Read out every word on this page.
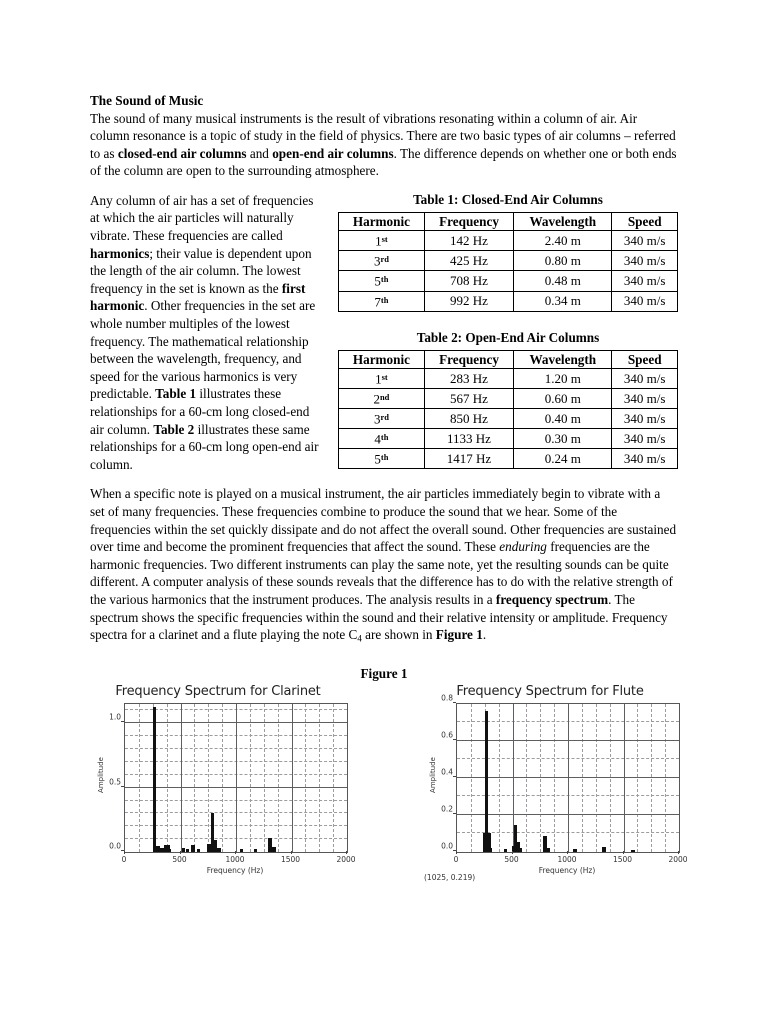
The Sound of Music

The sound of many musical instruments is the result of vibrations resonating within a column of air. Air column resonance is a topic of study in the field of physics. There are two basic types of air columns – referred to as closed-end air columns and open-end air columns. The difference depends on whether one or both ends of the column are open to the surrounding atmosphere.

Any column of air has a set of frequencies at which the air particles will naturally vibrate. These frequencies are called harmonics; their value is dependent upon the length of the air column. The lowest frequency in the set is known as the first harmonic. Other frequencies in the set are whole number multiples of the lowest frequency. The mathematical relationship between the wavelength, frequency, and speed for the various harmonics is very predictable. Table 1 illustrates these relationships for a 60-cm long closed-end air column. Table 2 illustrates these same relationships for a 60-cm long open-end air column.

Table 1: Closed-End Air Columns
Harmonic	Frequency	Wavelength	Speed
1st	142 Hz	2.40 m	340 m/s
3rd	425 Hz	0.80 m	340 m/s
5th	708 Hz	0.48 m	340 m/s
7th	992 Hz	0.34 m	340 m/s
Table 2: Open-End Air Columns
Harmonic	Frequency	Wavelength	Speed
1st	283 Hz	1.20 m	340 m/s
2nd	567 Hz	0.60 m	340 m/s
3rd	850 Hz	0.40 m	340 m/s
4th	1133 Hz	0.30 m	340 m/s
5th	1417 Hz	0.24 m	340 m/s

When a specific note is played on a musical instrument, the air particles immediately begin to vibrate with a set of many frequencies. These frequencies combine to produce the sound that we hear. Some of the frequencies within the set quickly dissipate and do not affect the overall sound. Other frequencies are sustained over time and become the prominent frequencies that affect the sound. These enduring frequencies are the harmonic frequencies. Two different instruments can play the same note, yet the resulting sounds can be quite different. A computer analysis of these sounds reveals that the difference has to do with the relative strength of the various harmonics that the instrument produces. The analysis results in a frequency spectrum. The spectrum shows the specific frequencies within the sound and their relative intensity or amplitude. Frequency spectra for a clarinet and a flute playing the note $C_4$ are shown in Figure 1.

Figure 1
Frequency Spectrum for Clarinet
0.0
0.5
1.0
0	500	1000	1500	2000
Frequency (Hz)
Amplitude
Frequency Spectrum for Flute
0.0
0.2
0.4
0.6
0.8
0	500	1000	1500	2000
Frequency (Hz)
Amplitude
(1025, 0.219)
